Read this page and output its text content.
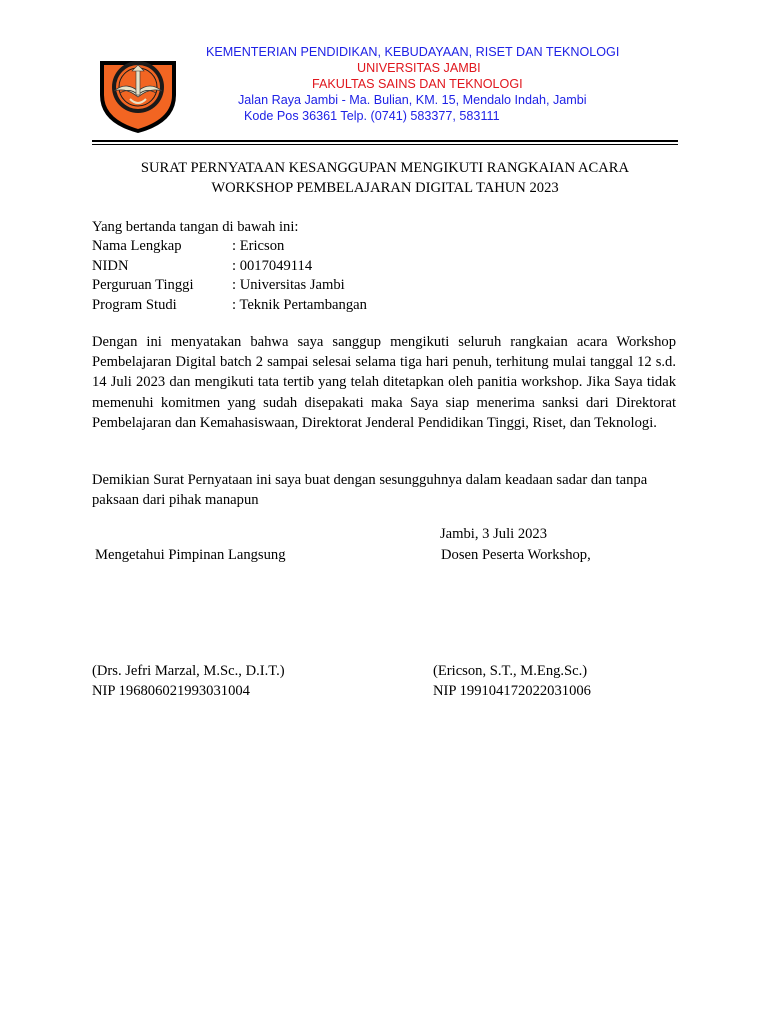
KEMENTERIAN PENDIDIKAN, KEBUDAYAAN, RISET DAN TEKNOLOGI
UNIVERSITAS JAMBI
FAKULTAS SAINS DAN TEKNOLOGI
Jalan Raya Jambi - Ma. Bulian, KM. 15, Mendalo Indah, Jambi
Kode Pos 36361 Telp. (0741) 583377, 583111
SURAT PERNYATAAN KESANGGUPAN MENGIKUTI RANGKAIAN ACARA
WORKSHOP PEMBELAJARAN DIGITAL TAHUN 2023
Yang bertanda tangan di bawah ini:
Nama Lengkap	: Ericson
NIDN	: 0017049114
Perguruan Tinggi	: Universitas Jambi
Program Studi	: Teknik Pertambangan
Dengan ini menyatakan bahwa saya sanggup mengikuti seluruh rangkaian acara Workshop Pembelajaran Digital batch 2 sampai selesai selama tiga hari penuh, terhitung mulai tanggal 12 s.d. 14 Juli 2023 dan mengikuti tata tertib yang telah ditetapkan oleh panitia workshop. Jika Saya tidak memenuhi komitmen yang sudah disepakati maka Saya siap menerima sanksi dari Direktorat Pembelajaran dan Kemahasiswaan, Direktorat Jenderal Pendidikan Tinggi, Riset, dan Teknologi.
Demikian Surat Pernyataan ini saya buat dengan sesungguhnya dalam keadaan sadar dan tanpa paksaan dari pihak manapun
Jambi, 3 Juli 2023
Mengetahui Pimpinan Langsung	Dosen Peserta Workshop,
(Drs. Jefri Marzal, M.Sc., D.I.T.)
NIP 196806021993031004
(Ericson, S.T., M.Eng.Sc.)
NIP 199104172022031006
